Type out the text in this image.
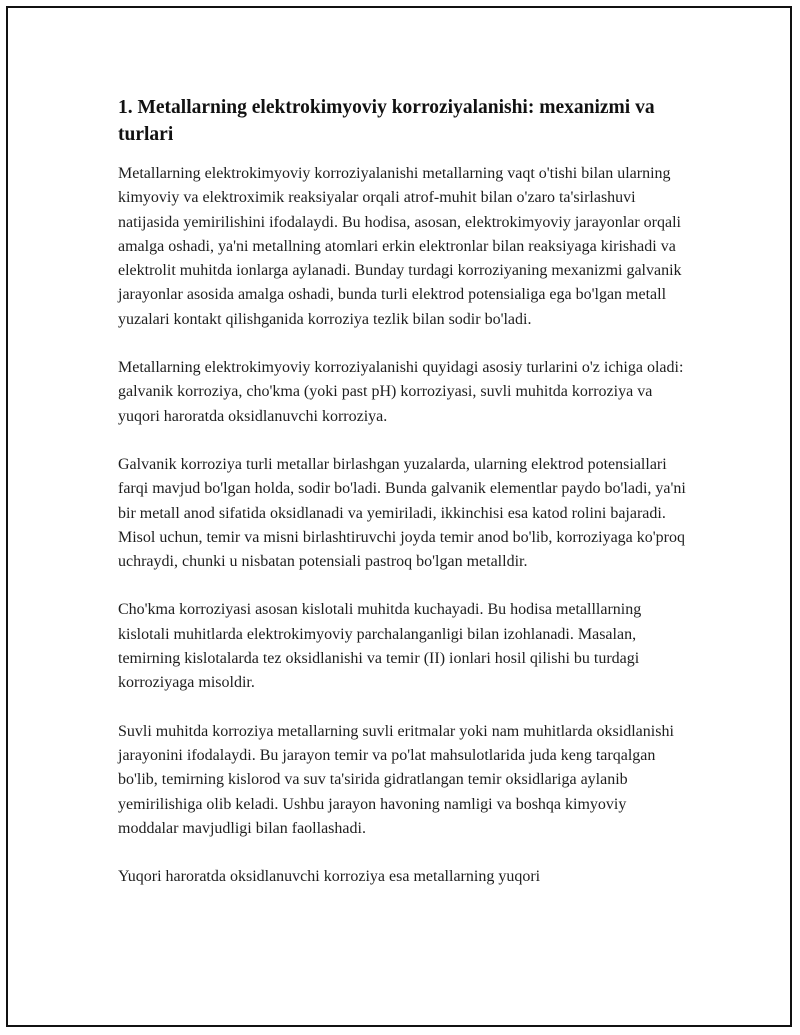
1. Metallarning elektrokimyoviy korroziyalanishi: mexanizmi va turlari

Metallarning elektrokimyoviy korroziyalanishi metallarning vaqt o'tishi bilan ularning kimyoviy va elektroximik reaksiyalar orqali atrof-muhit bilan o'zaro ta'sirlashuvi natijasida yemirilishini ifodalaydi. Bu hodisa, asosan, elektrokimyoviy jarayonlar orqali amalga oshadi, ya'ni metallning atomlari erkin elektronlar bilan reaksiyaga kirishadi va elektrolit muhitda ionlarga aylanadi. Bunday turdagi korroziyaning mexanizmi galvanik jarayonlar asosida amalga oshadi, bunda turli elektrod potensialiga ega bo'lgan metall yuzalari kontakt qilishganida korroziya tezlik bilan sodir bo'ladi.

Metallarning elektrokimyoviy korroziyalanishi quyidagi asosiy turlarini o'z ichiga oladi: galvanik korroziya, cho'kma (yoki past pH) korroziyasi, suvli muhitda korroziya va yuqori haroratda oksidlanuvchi korroziya.

Galvanik korroziya turli metallar birlashgan yuzalarda, ularning elektrod potensiallari farqi mavjud bo'lgan holda, sodir bo'ladi. Bunda galvanik elementlar paydo bo'ladi, ya'ni bir metall anod sifatida oksidlanadi va yemiriladi, ikkinchisi esa katod rolini bajaradi. Misol uchun, temir va misni birlashtiruvchi joyda temir anod bo'lib, korroziyaga ko'proq uchraydi, chunki u nisbatan potensiali pastroq bo'lgan metalldir.

Cho'kma korroziyasi asosan kislotali muhitda kuchayadi. Bu hodisa metalllarning kislotali muhitlarda elektrokimyoviy parchalanganligi bilan izohlanadi. Masalan, temirning kislotalarda tez oksidlanishi va temir (II) ionlari hosil qilishi bu turdagi korroziyaga misoldir.

Suvli muhitda korroziya metallarning suvli eritmalar yoki nam muhitlarda oksidlanishi jarayonini ifodalaydi. Bu jarayon temir va po'lat mahsulotlarida juda keng tarqalgan bo'lib, temirning kislorod va suv ta'sirida gidratlangan temir oksidlariga aylanib yemirilishiga olib keladi. Ushbu jarayon havoning namligi va boshqa kimyoviy moddalar mavjudligi bilan faollashadi.

Yuqori haroratda oksidlanuvchi korroziya esa metallarning yuqori
